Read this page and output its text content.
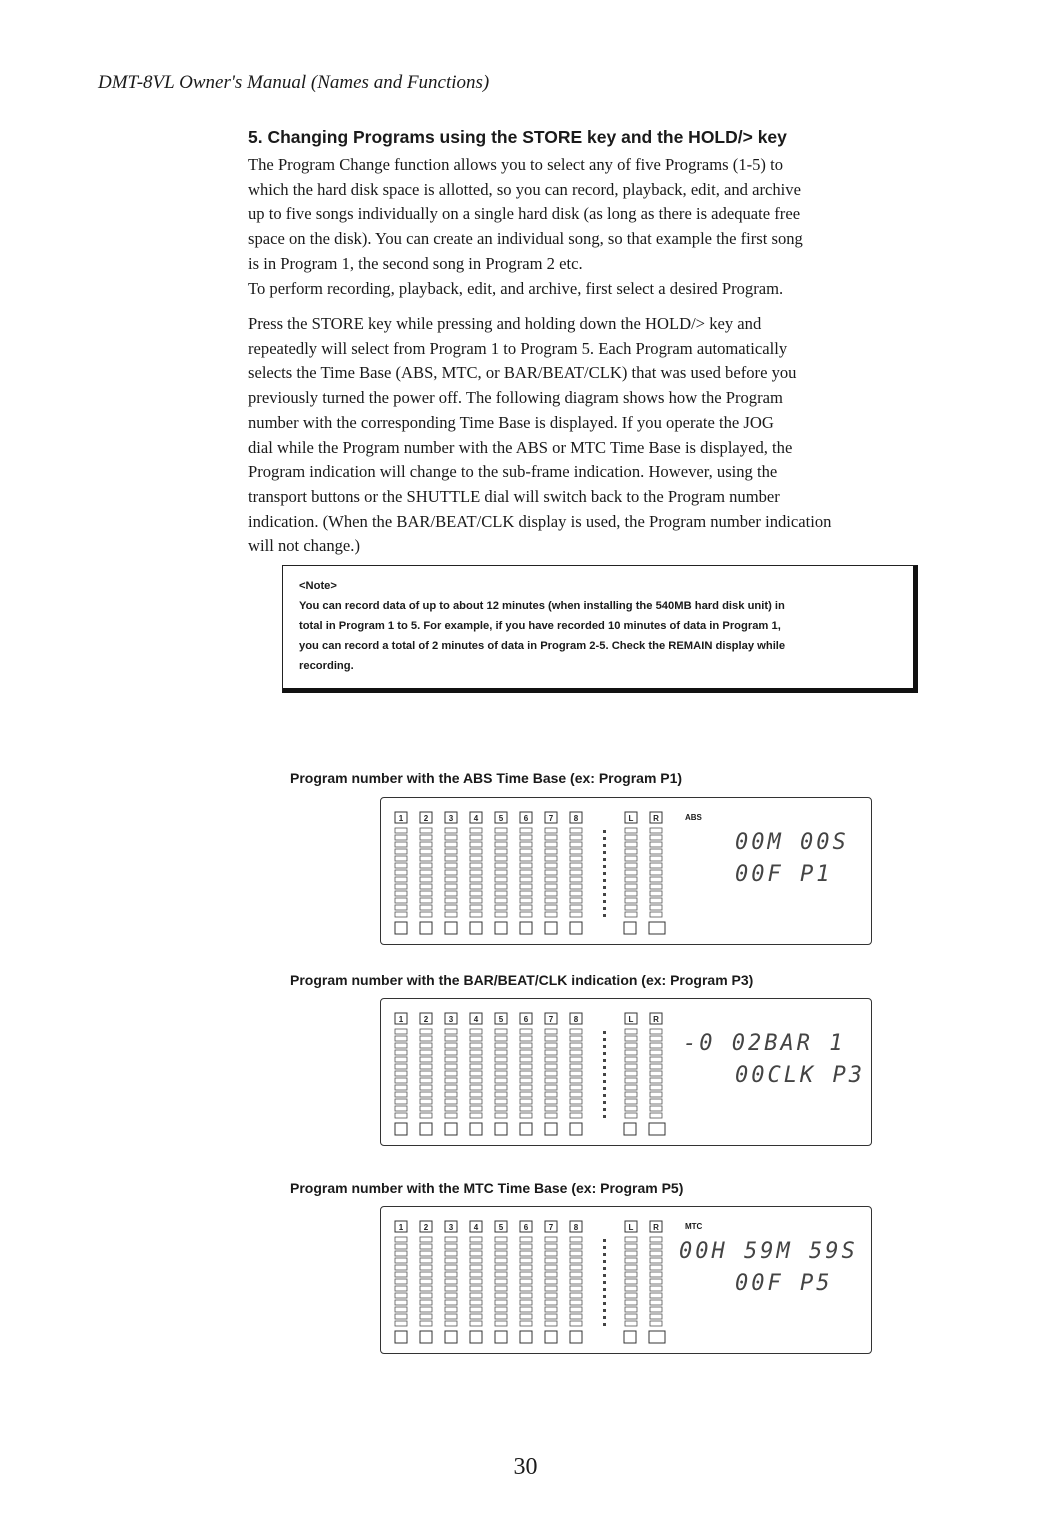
DMT-8VL Owner's Manual (Names and Functions)
5. Changing Programs using the STORE key and the HOLD/> key
The Program Change function allows you to select any of five Programs (1-5) to
which the hard disk space is allotted, so you can record, playback, edit, and archive
up to five songs individually on a single hard disk (as long as there is adequate free
space on the disk). You can create an individual song, so that example the first song
is in Program 1, the second song in Program 2 etc.
To perform recording, playback, edit, and archive, first select a desired Program.
Press the STORE key while pressing and holding down the HOLD/> key and
repeatedly will select from Program 1 to Program 5. Each Program automatically
selects the Time Base (ABS, MTC, or BAR/BEAT/CLK) that was used before you
previously turned the power off. The following diagram shows how the Program
number with the corresponding Time Base is displayed. If you operate the JOG
dial while the Program number with the ABS or MTC Time Base is displayed, the
Program indication will change to the sub-frame indication. However, using the
transport buttons or the SHUTTLE dial will switch back to the Program number
indication. (When the BAR/BEAT/CLK display is used, the Program number indication
will not change.)
<Note>
You can record data of up to about 12 minutes (when installing the 540MB hard disk unit) in
total in Program 1 to 5. For example, if you have recorded 10 minutes of data in Program 1,
you can record a total of 2 minutes of data in Program 2-5. Check the REMAIN display while
recording.
Program number with the ABS Time Base (ex: Program P1)
1	2	3	4	5	6	7	8	L R	ABS
00M 00S
00F P1
Program number with the BAR/BEAT/CLK indication (ex: Program P3)
1	2	3	4	5	6	7	8	L R
-0 02BAR 1
00CLK P3
Program number with the MTC Time Base (ex: Program P5)
1	2	3	4	5	6	7	8	L R	MTC
00H 59M 59S
00F P5
30
